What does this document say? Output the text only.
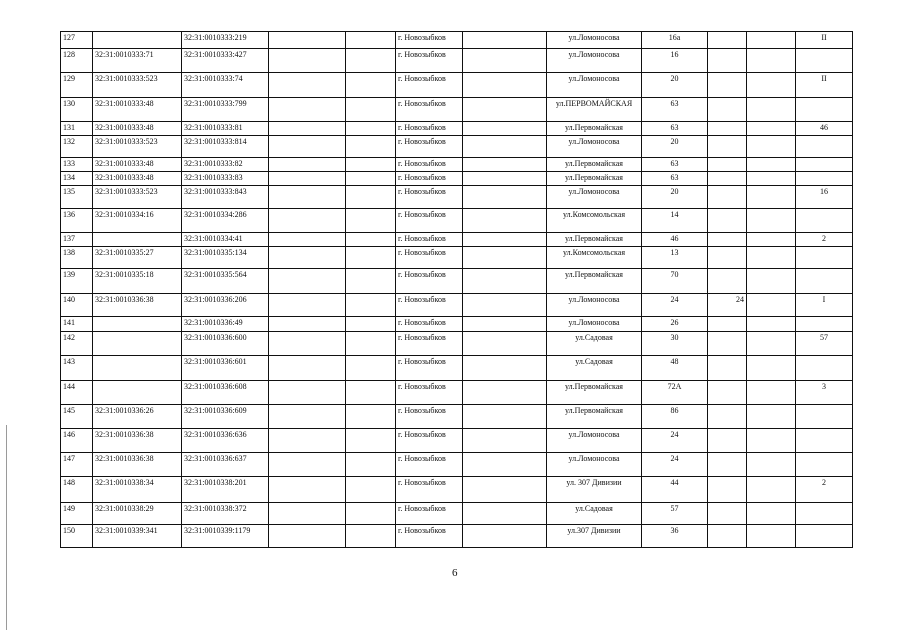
127		32:31:0010333:219			г. Новозыбков		ул.Ломоносова	16а			II
128	32:31:0010333:71	32:31:0010333:427			г. Новозыбков		ул.Ломоносова	16			
129	32:31:0010333:523	32:31:0010333:74			г. Новозыбков		ул.Ломоносова	20			II
130	32:31:0010333:48	32:31:0010333:799			г. Новозыбков		ул.ПЕРВОМАЙСКАЯ	63			
131	32:31:0010333:48	32:31:0010333:81			г. Новозыбков		ул.Первомайская	63			46
132	32:31:0010333:523	32:31:0010333:814			г. Новозыбков		ул.Ломоносова	20			
133	32:31:0010333:48	32:31:0010333:82			г. Новозыбков		ул.Первомайская	63			
134	32:31:0010333:48	32:31:0010333:83			г. Новозыбков		ул.Первомайская	63			
135	32:31:0010333:523	32:31:0010333:843			г. Новозыбков		ул.Ломоносова	20			16
136	32:31:0010334:16	32:31:0010334:286			г. Новозыбков		ул.Комсомольская	14			
137		32:31:0010334:41			г. Новозыбков		ул.Первомайская	46			2
138	32:31:0010335:27	32:31:0010335:134			г. Новозыбков		ул.Комсомольская	13			
139	32:31:0010335:18	32:31:0010335:564			г. Новозыбков		ул.Первомайская	70			
140	32:31:0010336:38	32:31:0010336:206			г. Новозыбков		ул.Ломоносова	24	24		I
141		32:31:0010336:49			г. Новозыбков		ул.Ломоносова	26			
142		32:31:0010336:600			г. Новозыбков		ул.Садовая	30			57
143		32:31:0010336:601			г. Новозыбков		ул.Садовая	48			
144		32:31:0010336:608			г. Новозыбков		ул.Первомайская	72А			3
145	32:31:0010336:26	32:31:0010336:609			г. Новозыбков		ул.Первомайская	86			
146	32:31:0010336:38	32:31:0010336:636			г. Новозыбков		ул.Ломоносова	24			
147	32:31:0010336:38	32:31:0010336:637			г. Новозыбков		ул.Ломоносова	24			
148	32:31:0010338:34	32:31:0010338:201			г. Новозыбков		ул. 307 Дивизии	44			2
149	32:31:0010338:29	32:31:0010338:372			г. Новозыбков		ул.Садовая	57			
150	32:31:0010339:341	32:31:0010339:1179			г. Новозыбков		ул.307 Дивизии	36			
6
